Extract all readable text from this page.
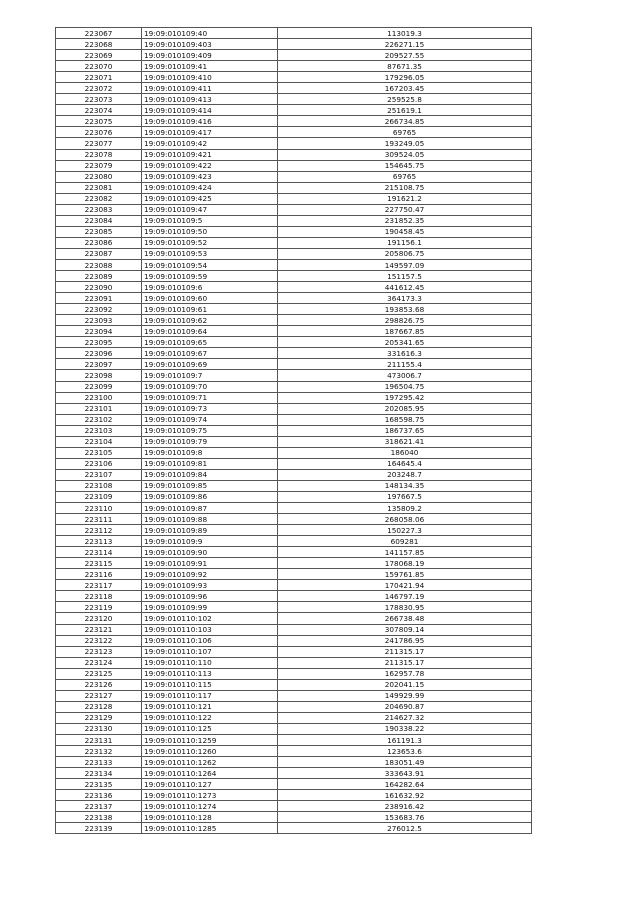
223067	19:09:010109:40	113019.3
223068	19:09:010109:403	226271.15
223069	19:09:010109:409	209527.55
223070	19:09:010109:41	87671.35
223071	19:09:010109:410	179296.05
223072	19:09:010109:411	167203.45
223073	19:09:010109:413	259525.8
223074	19:09:010109:414	251619.1
223075	19:09:010109:416	266734.85
223076	19:09:010109:417	69765
223077	19:09:010109:42	193249.05
223078	19:09:010109:421	309524.05
223079	19:09:010109:422	154645.75
223080	19:09:010109:423	69765
223081	19:09:010109:424	215108.75
223082	19:09:010109:425	191621.2
223083	19:09:010109:47	227750.47
223084	19:09:010109:5	231852.35
223085	19:09:010109:50	190458.45
223086	19:09:010109:52	191156.1
223087	19:09:010109:53	205806.75
223088	19:09:010109:54	149597.09
223089	19:09:010109:59	151157.5
223090	19:09:010109:6	441612.45
223091	19:09:010109:60	364173.3
223092	19:09:010109:61	193853.68
223093	19:09:010109:62	298826.75
223094	19:09:010109:64	187667.85
223095	19:09:010109:65	205341.65
223096	19:09:010109:67	331616.3
223097	19:09:010109:69	211155.4
223098	19:09:010109:7	473006.7
223099	19:09:010109:70	196504.75
223100	19:09:010109:71	197295.42
223101	19:09:010109:73	202085.95
223102	19:09:010109:74	168598.75
223103	19:09:010109:75	186737.65
223104	19:09:010109:79	318621.41
223105	19:09:010109:8	186040
223106	19:09:010109:81	164645.4
223107	19:09:010109:84	203248.7
223108	19:09:010109:85	148134.35
223109	19:09:010109:86	197667.5
223110	19:09:010109:87	135809.2
223111	19:09:010109:88	268058.06
223112	19:09:010109:89	150227.3
223113	19:09:010109:9	609281
223114	19:09:010109:90	141157.85
223115	19:09:010109:91	178068.19
223116	19:09:010109:92	159761.85
223117	19:09:010109:93	170421.94
223118	19:09:010109:96	146797.19
223119	19:09:010109:99	178830.95
223120	19:09:010110:102	266738.48
223121	19:09:010110:103	307809.14
223122	19:09:010110:106	241786.95
223123	19:09:010110:107	211315.17
223124	19:09:010110:110	211315.17
223125	19:09:010110:113	162957.78
223126	19:09:010110:115	202041.15
223127	19:09:010110:117	149929.99
223128	19:09:010110:121	204690.87
223129	19:09:010110:122	214627.32
223130	19:09:010110:125	190338.22
223131	19:09:010110:1259	161191.3
223132	19:09:010110:1260	123653.6
223133	19:09:010110:1262	183051.49
223134	19:09:010110:1264	333643.91
223135	19:09:010110:127	164282.64
223136	19:09:010110:1273	161632.92
223137	19:09:010110:1274	238916.42
223138	19:09:010110:128	153683.76
223139	19:09:010110:1285	276012.5
